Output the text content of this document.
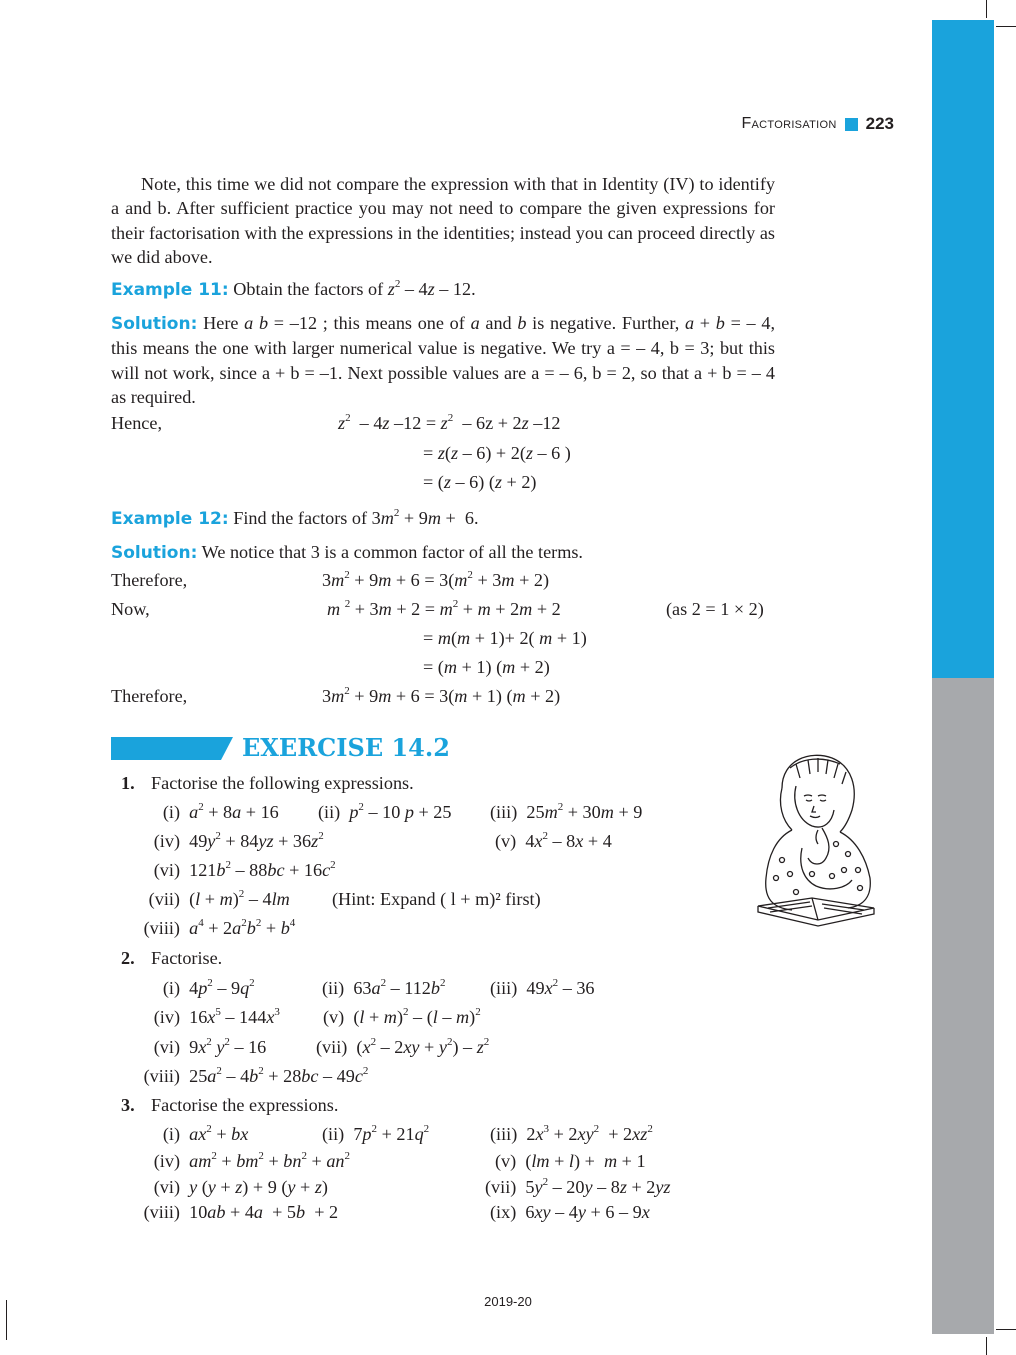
Factorisation 223
Note, this time we did not compare the expression with that in Identity (IV) to identify a and b. After sufficient practice you may not need to compare the given expressions for their factorisation with the expressions in the identities; instead you can proceed directly as we did above.
Example 11: Obtain the factors of $z^2 - 4z - 12$.
Solution: Here a b = –12 ; this means one of a and b is negative. Further, a + b = – 4, this means the one with larger numerical value is negative. We try a = – 4, b = 3; but this will not work, since a + b = –1. Next possible values are a = – 6, b = 2, so that a + b = – 4 as required.
Hence,	$z^2 - 4z$ $-12 = z^2 - 6z + 2z$ –12
= z(z – 6) + 2(z – 6 )
= (z – 6) (z + 2)
Example 12: Find the factors of $3m^2 + 9m + 6$.
Solution: We notice that 3 is a common factor of all the terms.
Therefore,	$3m^2 + 9m + 6 = 3(m^2 + 3m + 2)$
Now,	m $^2 + 3m + 2 = m^2 + m + 2m + 2$	(as 2 = 1 × 2)
= m(m + 1)+ 2( m + 1)
= (m + 1) (m + 2)
Therefore,	$3m^2 + 9m + 6 = 3(m + 1) (m + 2)$
EXERCISE 14.2
1. Factorise the following expressions.
(i) $a^2 + 8a + 16$ (ii) $p^2 - 10$ p + 25 (iii)  $25m^2 + 30m + 9$
(iv)  $49y^2 + 84yz + 36z^2$	(v)  $4x^2 - 8x + 4$
(vi)  $121b^2 - 88bc + 16c^2$
(vii)  $(l + m)^2 - 4lm$ (Hint: Expand ( l + m)² first)
(viii) $a^4 + 2a^2b^2 + b^4$
2. Factorise.
(i)  $4p^2 - 9q^2$	(ii)  $63a^2 - 112b^2$ (iii)  $49x^2 - 36$
(iv)  $16x^5 - 144x^3$ (v)  $(l + m)^2 - (l - m)^2$
(vi)  $9x^2$ $y^2 - 16$	(vii)  $(x^2 - 2xy + y^2) - z^2$
(viii)  $25a^2 - 4b^2 + 28bc - 49c^2$
3. Factorise the expressions.
(i) $ax^2$ + bx	(ii)  $7p^2 + 21q^2$	(iii)  $2x^3 + 2xy^2 + 2xz^2$
(iv) $am^2 + bm^2 + bn^2 + an^2$	(v)  (lm + l) +  m + 1
(vi) y (y + z) + 9 (y + z)	(vii)  $5y^2 - 20y - 8z + 2yz$
(viii)  10ab + 4a  + 5b  + 2	(ix)  6xy – 4y + 6 – 9x
2019-20
